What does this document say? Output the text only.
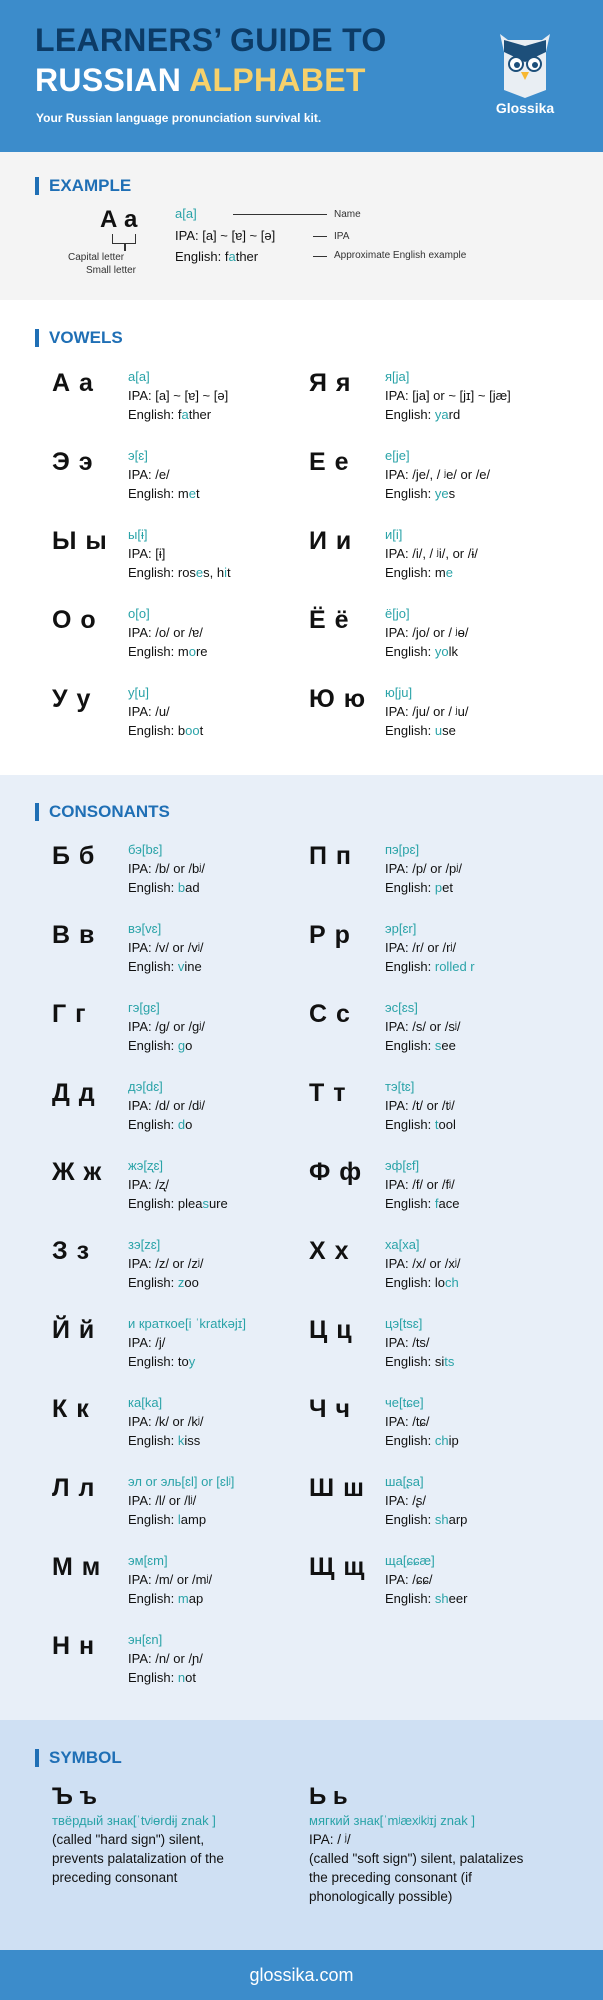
LEARNERS’ GUIDE TO
RUSSIAN ALPHABET
Your Russian language pronunciation survival kit.
Glossika
EXAMPLE
А а
Capital letter
Small letter
а[a]
IPA: [a] ~ [ɐ] ~ [ə]
English: father
Name
IPA
Approximate English example
VOWELS
А а	а[a]
IPA: [a] ~ [ɐ] ~ [ə]
English: father
Э э	э[ɛ]
IPA: /e/
English: met
Ы ы ы[ɨ]
IPA: [ɨ]
English: roses, hit
О о о[o]
IPA: /o/ or /ɐ/
English: more
У у	у[u]
IPA: /u/
English: boot
Я я	я[ja]
IPA: [ja] or ~ [jɪ] ~ [jæ]
English: yard
Е е	е[je]
IPA: /je/, / ʲe/ or /e/
English: yes
И и	и[i]
IPA: /i/, / ʲi/, or /ɨ/
English: me
Ё ё	ё[jo]
IPA: /jo/ or / ʲɵ/
English: yolk
Ю ю ю[ju]
IPA: /ju/ or / ʲu/
English: use
CONSONANTS
Б б	бэ[bɛ]
IPA: /b/ or /bʲ/
English: bad
В в	вэ[vɛ]
IPA: /v/ or /vʲ/
English: vine
Г г	гэ[ɡɛ]
IPA: /ɡ/ or /ɡʲ/
English: go
Д д дэ[dɛ]
IPA: /d/ or /dʲ/
English: do
Ж ж жэ[ʐɛ]
IPA: /ʐ/
English: pleasure
З з	зэ[zɛ]
IPA: /z/ or /zʲ/
English: zoo
Й й	и краткое[i ˈkratkəjɪ]
IPA: /j/
English: toy
К к	ка[ka]
IPA: /k/ or /kʲ/
English: kiss
Л л	эл or эль[ɛl] or [ɛlʲ]
IPA: /l/ or /lʲ/
English: lamp
М м эм[ɛm]
IPA: /m/ or /mʲ/
English: map
Н н	эн[ɛn]
IPA: /n/ or /ɲ/
English: not
П п	пэ[pɛ]
IPA: /p/ or /pʲ/
English: pet
Р р	эр[ɛr]
IPA: /r/ or /rʲ/
English: rolled r
С с	эс[ɛs]
IPA: /s/ or /sʲ/
English: see
Т т	тэ[tɛ]
IPA: /t/ or /tʲ/
English: tool
Ф ф эф[ɛf]
IPA: /f/ or /fʲ/
English: face
Х х	ха[xa]
IPA: /x/ or /xʲ/
English: loch
Ц ц цэ[tsɛ]
IPA: /ts/
English: sits
Ч ч	че[tɕe]
IPA: /tɕ/
English: chip
Ш ш ша[ʂa]
IPA: /ʂ/
English: sharp
Щ щ ща[ɕɕæ]
IPA: /ɕɕ/
English: sheer
SYMBOL
Ъ ъ
твёрдый знак[ˈtvʲɵrdɨj znak ]
(called "hard sign") silent,
prevents palatalization of the
preceding consonant
Ь ь
мягкий знак[ˈmʲæxʲkʲɪj znak ]
IPA: / ʲ/
(called "soft sign") silent, palatalizes
the preceding consonant (if
phonologically possible)
glossika.com
